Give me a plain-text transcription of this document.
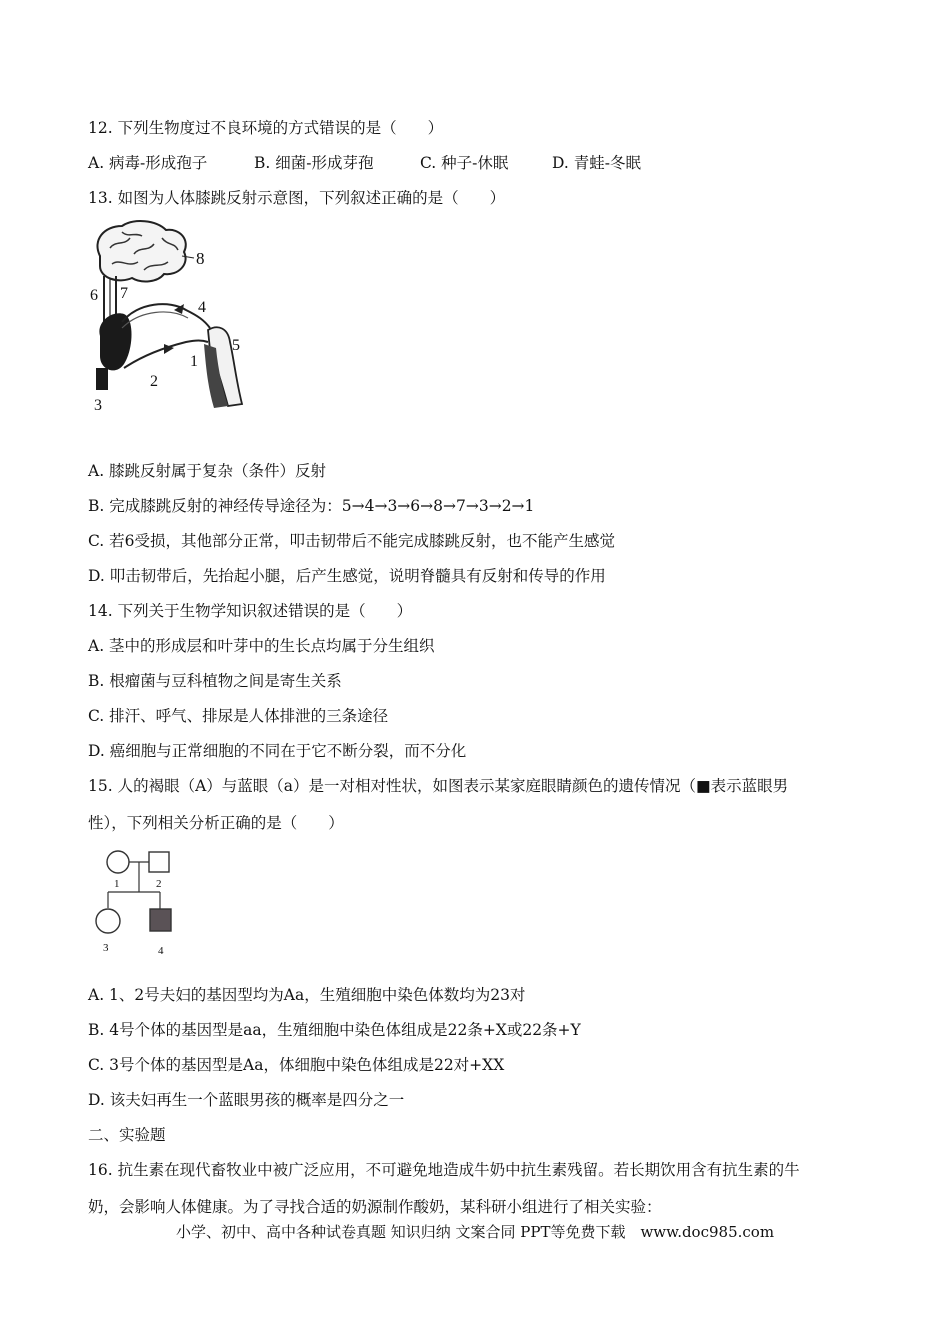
12. 下列生物度过不良环境的方式错误的是（　　）
A. 病毒-形成孢子	B. 细菌-形成芽孢	C. 种子-休眠	D. 青蛙-冬眠
13. 如图为人体膝跳反射示意图，下列叙述正确的是（　　）
8
6 7
4
5
1
2
3
A. 膝跳反射属于复杂（条件）反射
B. 完成膝跳反射的神经传导途径为：5→4→3→6→8→7→3→2→1
C. 若6受损，其他部分正常，叩击韧带后不能完成膝跳反射，也不能产生感觉
D. 叩击韧带后，先抬起小腿，后产生感觉，说明脊髓具有反射和传导的作用
14. 下列关于生物学知识叙述错误的是（　　）
A. 茎中的形成层和叶芽中的生长点均属于分生组织
B. 根瘤菌与豆科植物之间是寄生关系
C. 排汗、呼气、排尿是人体排泄的三条途径
D. 癌细胞与正常细胞的不同在于它不断分裂，而不分化
15. 人的褐眼（A）与蓝眼（a）是一对相对性状，如图表示某家庭眼睛颜色的遗传情况（■表示蓝眼男
性），下列相关分析正确的是（　　）
1	2
3	4
A. 1、2号夫妇的基因型均为Aa，生殖细胞中染色体数均为23对
B. 4号个体的基因型是aa，生殖细胞中染色体组成是22条+X或22条+Y
C. 3号个体的基因型是Aa，体细胞中染色体组成是22对+XX
D. 该夫妇再生一个蓝眼男孩的概率是四分之一
二、实验题
16. 抗生素在现代畜牧业中被广泛应用，不可避免地造成牛奶中抗生素残留。若长期饮用含有抗生素的牛
奶，会影响人体健康。为了寻找合适的奶源制作酸奶，某科研小组进行了相关实验：
小学、初中、高中各种试卷真题 知识归纳 文案合同 PPT等免费下载　www.doc985.com
